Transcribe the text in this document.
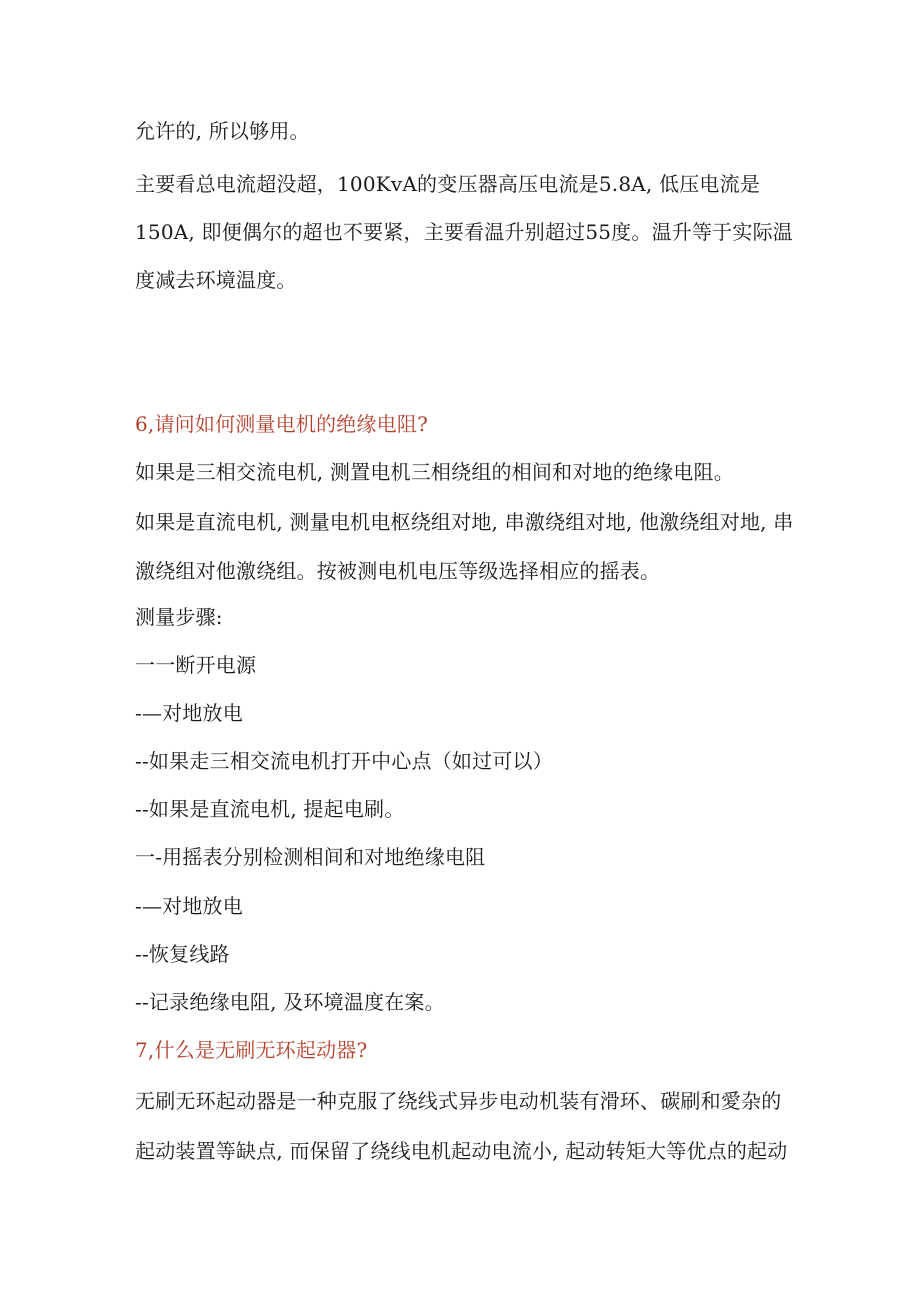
允许的, 所以够用。
主要看总电流超没超，100KvA的变压器高压电流是5.8A, 低压电流是
150A, 即便偶尔的超也不要紧，主要看温升别超过55度。温升等于实际温
度减去环境温度。
6,请问如何测量电机的绝缘电阻?
如果是三相交流电机, 测置电机三相绕组的相间和对地的绝缘电阻。
如果是直流电机, 测量电机电枢绕组对地, 串激绕组对地, 他激绕组对地, 串
激绕组对他激绕组。按被测电机电压等级选择相应的摇表。
测量步骤:
一一断开电源
-—对地放电
--如果走三相交流电机打开中心点（如过可以）
--如果是直流电机, 提起电刷。
一-用摇表分别检测相间和对地绝缘电阻
-—对地放电
--恢复线路
--记录绝缘电阻, 及环境温度在案。
7,什么是无刷无环起动器?
无刷无环起动器是一种克服了绕线式异步电动机装有滑环、碳刷和愛杂的
起动装置等缺点, 而保留了绕线电机起动电流小, 起动转矩大等优点的起动
